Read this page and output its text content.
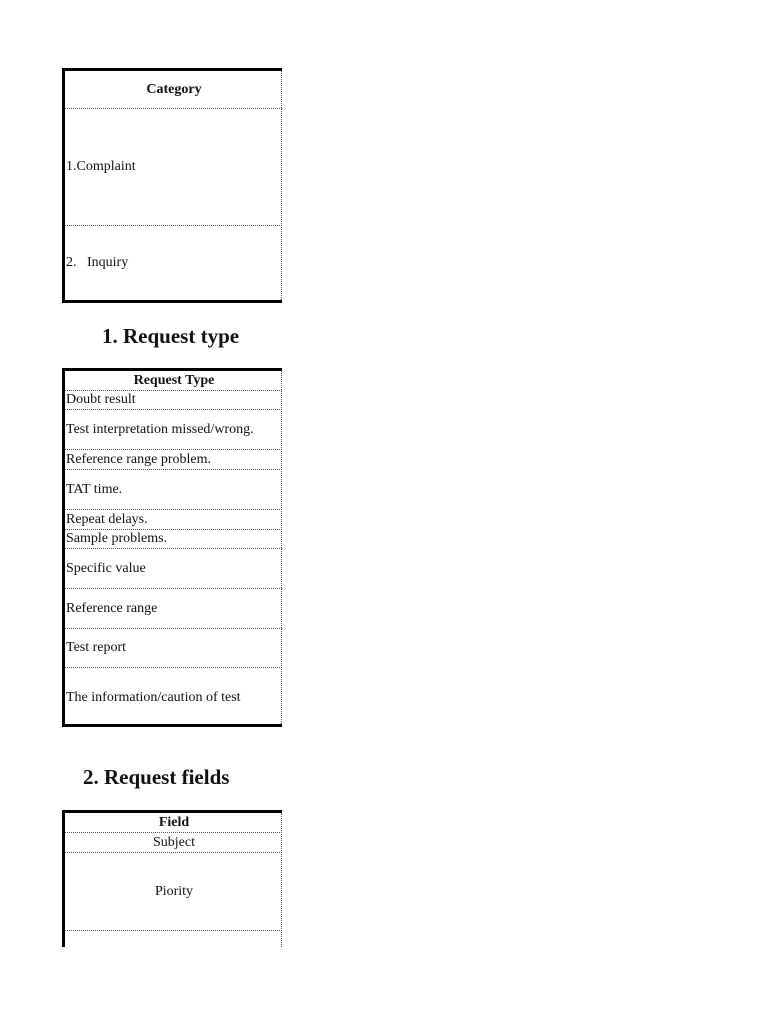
Category
1.Complaint
2.   Inquiry
1. Request type
Request Type
Doubt result
Test interpretation missed/wrong.
Reference range problem.
TAT time.
Repeat delays.
Sample problems.
Specific value
Reference range
Test report
The information/caution of test
2. Request fields
Field
Subject
Piority
